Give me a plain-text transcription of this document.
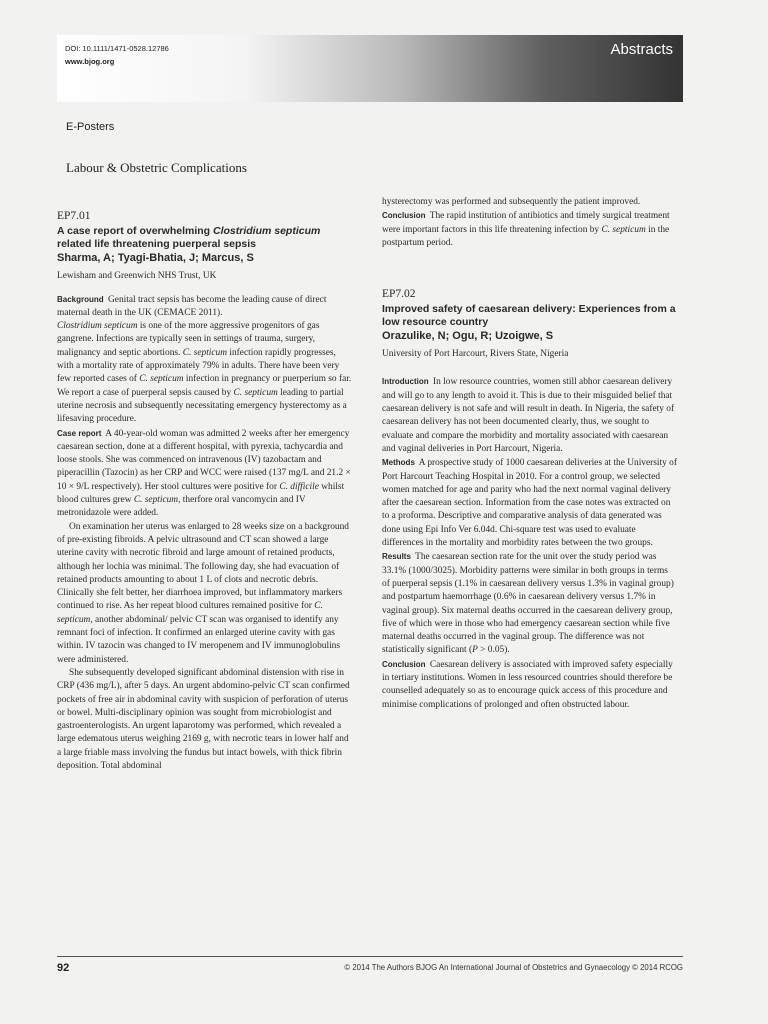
DOI: 10.1111/1471-0528.12786
www.bjog.org
Abstracts
E-Posters
Labour & Obstetric Complications
EP7.01
A case report of overwhelming Clostridium septicum related life threatening puerperal sepsis
Sharma, A; Tyagi-Bhatia, J; Marcus, S
Lewisham and Greenwich NHS Trust, UK

Background Genital tract sepsis has become the leading cause of direct maternal death in the UK (CEMACE 2011).
Clostridium septicum is one of the more aggressive progenitors of gas gangrene. Infections are typically seen in settings of trauma, surgery, malignancy and septic abortions. C. septicum infection rapidly progresses, with a mortality rate of approximately 79% in adults. There have been very few reported cases of C. septicum infection in pregnancy or puerperium so far. We report a case of puerperal sepsis caused by C. septicum leading to partial uterine necrosis and subsequently necessitating emergency hysterectomy as a lifesaving procedure.

Case report A 40-year-old woman was admitted 2 weeks after her emergency caesarean section, done at a different hospital, with pyrexia, tachycardia and loose stools. She was commenced on intravenous (IV) tazobactam and piperacillin (Tazocin) as her CRP and WCC were raised (137 mg/L and 21.2 × 10 × 9/L respectively). Her stool cultures were positive for C. difficile whilst blood cultures grew C. septicum, therfore oral vancomycin and IV metronidazole were added.

On examination her uterus was enlarged to 28 weeks size on a background of pre-existing fibroids. A pelvic ultrasound and CT scan showed a large uterine cavity with necrotic fibroid and large amount of retained products, although her lochia was minimal. The following day, she had evacuation of retained products amounting to about 1 L of clots and necrotic debris.

Clinically she felt better, her diarrhoea improved, but inflammatory markers continued to rise. As her repeat blood cultures remained positive for C. septicum, another abdominal/ pelvic CT scan was organised to identify any remnant foci of infection. It confirmed an enlarged uterine cavity with gas within. IV tazocin was changed to IV meropenem and IV immunoglobulins were administered.

She subsequently developed significant abdominal distension with rise in CRP (436 mg/L), after 5 days. An urgent abdomino-pelvic CT scan confirmed pockets of free air in abdominal cavity with suspicion of perforation of uterus or bowel. Multi-disciplinary opinion was sought from microbiologist and gastroenterologists. An urgent laparotomy was performed, which revealed a large edematous uterus weighing 2169 g, with necrotic tears in lower half and a large friable mass involving the fundus but intact bowels, with thick fibrin deposition. Total abdominal

hysterectomy was performed and subsequently the patient improved.

Conclusion The rapid institution of antibiotics and timely surgical treatment were important factors in this life threatening infection by C. septicum in the postpartum period.

EP7.02
Improved safety of caesarean delivery: Experiences from a low resource country
Orazulike, N; Ogu, R; Uzoigwe, S
University of Port Harcourt, Rivers State, Nigeria

Introduction In low resource countries, women still abhor caesarean delivery and will go to any length to avoid it. This is due to their misguided belief that caesarean delivery is not safe and will result in death. In Nigeria, the safety of caesarean delivery has not been documented clearly, thus, we sought to evaluate and compare the morbidity and mortality associated with caesarean and vaginal deliveries in Port Harcourt, Nigeria.

Methods A prospective study of 1000 caesarean deliveries at the University of Port Harcourt Teaching Hospital in 2010. For a control group, we selected women matched for age and parity who had the next normal vaginal delivery after the caesarean section. Information from the case notes was extracted on to a proforma. Descriptive and comparative analysis of data generated was done using Epi Info Ver 6.04d. Chi-square test was used to evaluate differences in the mortality and morbidity rates between the two groups.

Results The caesarean section rate for the unit over the study period was 33.1% (1000/3025). Morbidity patterns were similar in both groups in terms of puerperal sepsis (1.1% in caesarean delivery versus 1.3% in vaginal group) and postpartum haemorrhage (0.6% in caesarean delivery versus 1.7% in vaginal group). Six maternal deaths occurred in the caesarean delivery group, five of which were in those who had emergency caesarean section while five maternal deaths occurred in the vaginal group. The difference was not statistically significant (P > 0.05).

Conclusion Caesarean delivery is associated with improved safety especially in tertiary institutions. Women in less resourced countries should therefore be counselled adequately so as to encourage quick access of this procedure and minimise complications of prolonged and often obstructed labour.

92	© 2014 The Authors BJOG An International Journal of Obstetrics and Gynaecology © 2014 RCOG
